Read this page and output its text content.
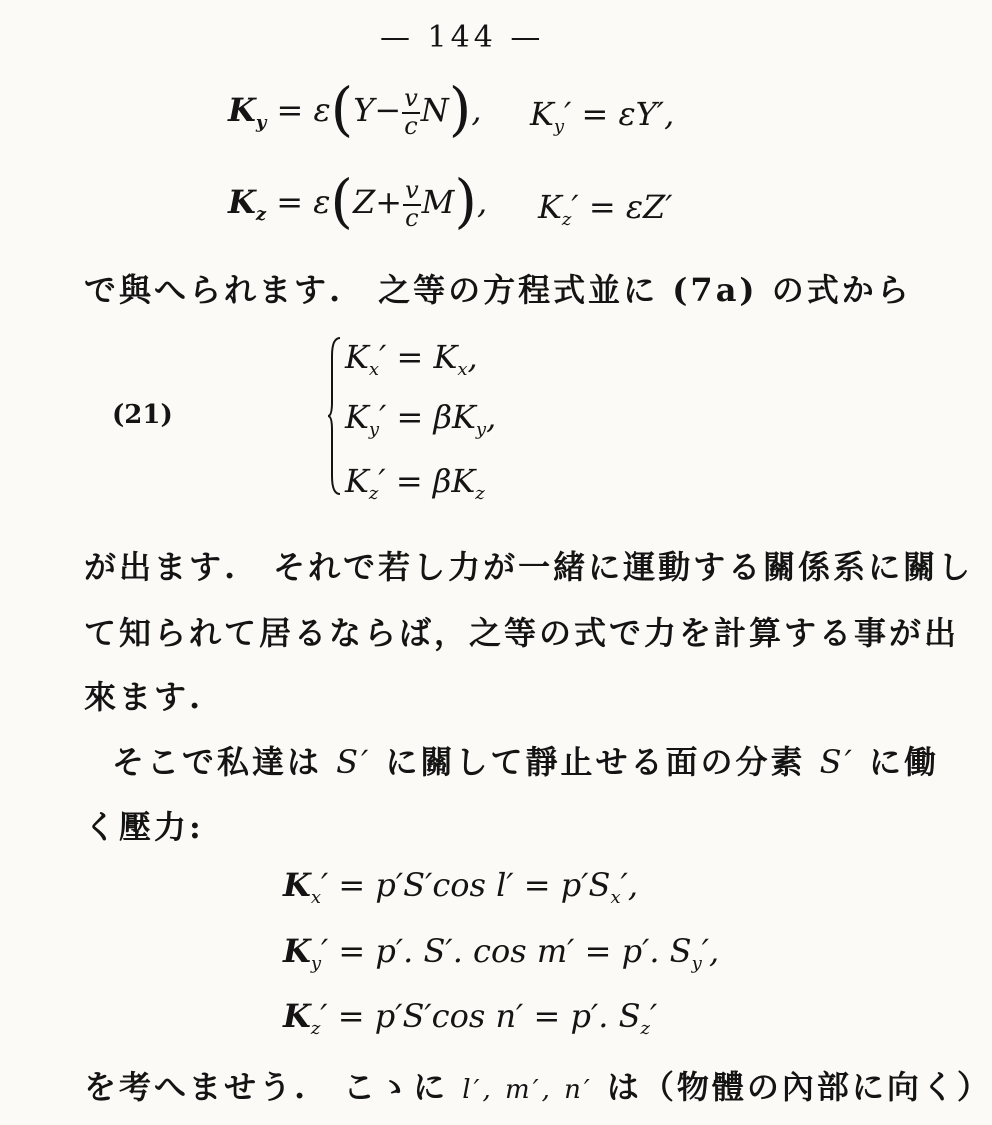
— 144 —
$K_y = \varepsilon(Y- \frac{v}{c} N)$, $K_y' = \varepsilon Y'$,
$K_z = \varepsilon(Z+ \frac{v}{c} M)$, $K_z' = \varepsilon Z'$
で與へられます.　之等の方程式並に (7a) の式から
(21)
$K_x' = K_x$,
$K_y' = \beta K_y$,
$K_z' = \beta K_z$
が出ます.　それで若し力が一緒に運動する關係系に關し
て知られて居るならば，之等の式で力を計算する事が出
來ます.
そこで私達は S′ に關して靜止せる面の分素 S′ に働
く壓力:
$K_x' = p'S'\cos$ $l' = p'S_x'$,
$K_y' = p'$. S′. cos m′ = p′. $S_y'$,
$K_z' = p'S'\cos$ n′ = p′. $S_z'$
を考へませう.　こゝに l′, m′, n′ は（物體の內部に向く）
